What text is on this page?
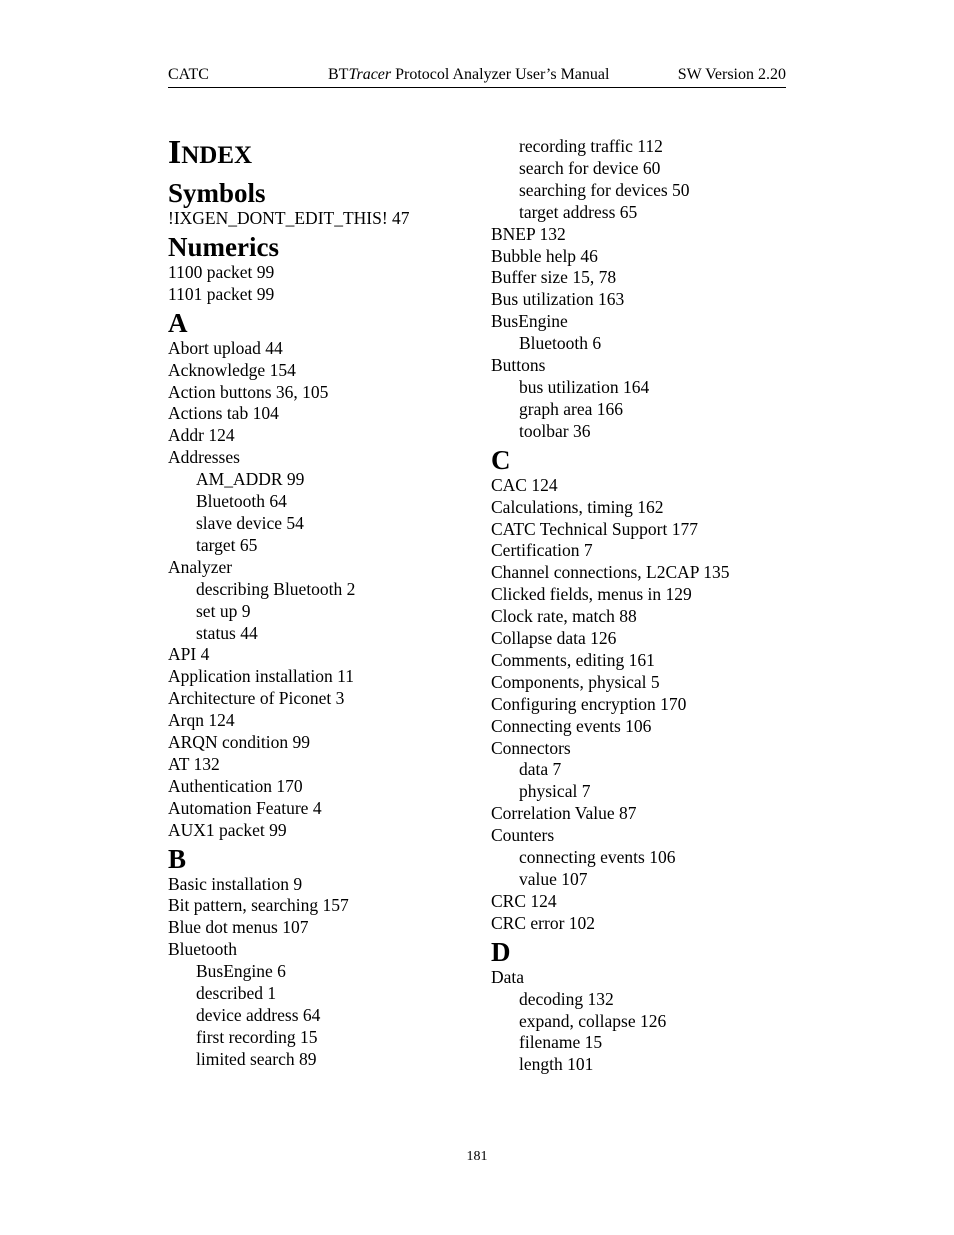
CATC	BTTracer Protocol Analyzer User’s Manual	SW Version 2.20
INDEX
Symbols
!IXGEN_DONT_EDIT_THIS! 47
Numerics
1100 packet 99
1101 packet 99
A
Abort upload 44
Acknowledge 154
Action buttons 36, 105
Actions tab 104
Addr 124
Addresses
AM_ADDR 99
Bluetooth 64
slave device 54
target 65
Analyzer
describing Bluetooth 2
set up 9
status 44
API 4
Application installation 11
Architecture of Piconet 3
Arqn 124
ARQN condition 99
AT 132
Authentication 170
Automation Feature 4
AUX1 packet 99
B
Basic installation 9
Bit pattern, searching 157
Blue dot menus 107
Bluetooth
BusEngine 6
described 1
device address 64
first recording 15
limited search 89
recording traffic 112
search for device 60
searching for devices 50
target address 65
BNEP 132
Bubble help 46
Buffer size 15, 78
Bus utilization 163
BusEngine
Bluetooth 6
Buttons
bus utilization 164
graph area 166
toolbar 36
C
CAC 124
Calculations, timing 162
CATC Technical Support 177
Certification 7
Channel connections, L2CAP 135
Clicked fields, menus in 129
Clock rate, match 88
Collapse data 126
Comments, editing 161
Components, physical 5
Configuring encryption 170
Connecting events 106
Connectors
data 7
physical 7
Correlation Value 87
Counters
connecting events 106
value 107
CRC 124
CRC error 102
D
Data
decoding 132
expand, collapse 126
filename 15
length 101
181
